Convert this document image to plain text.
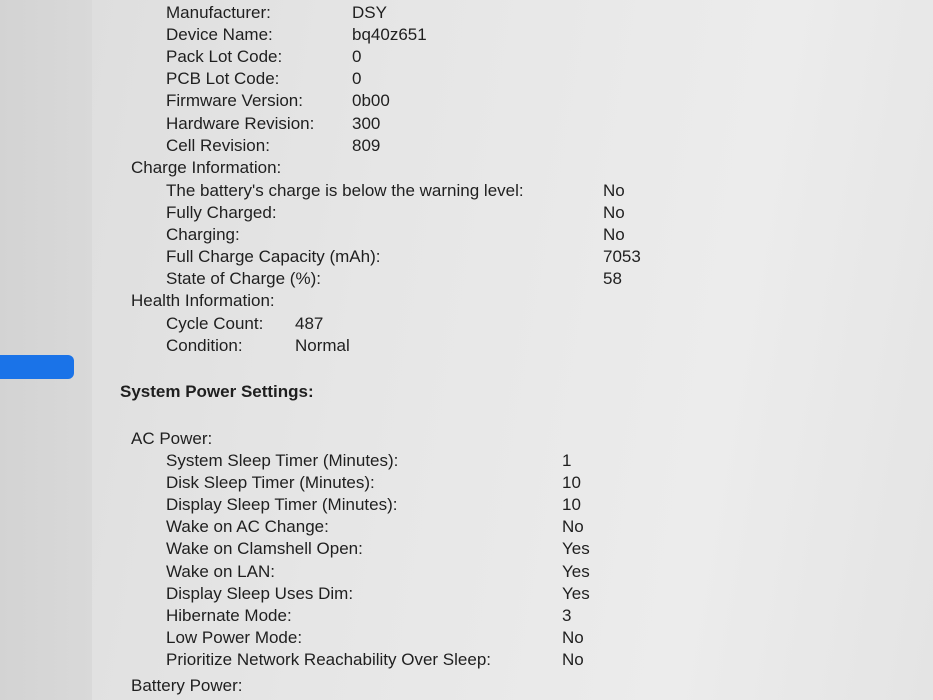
Manufacturer:	DSY
Device Name:	bq40z651
Pack Lot Code:	0
PCB Lot Code:	0
Firmware Version:	0b00
Hardware Revision: 300
Cell Revision:	809
Charge Information:
The battery's charge is below the warning level:	No
Fully Charged:	No
Charging:	No
Full Charge Capacity (mAh):	7053
State of Charge (%):	58
Health Information:
Cycle Count: 487
Condition:	Normal
System Power Settings:
AC Power:
System Sleep Timer (Minutes):	1
Disk Sleep Timer (Minutes):	10
Display Sleep Timer (Minutes):	10
Wake on AC Change:	No
Wake on Clamshell Open:	Yes
Wake on LAN:	Yes
Display Sleep Uses Dim:	Yes
Hibernate Mode:	3
Low Power Mode:	No
Prioritize Network Reachability Over Sleep:	No
Battery Power:
